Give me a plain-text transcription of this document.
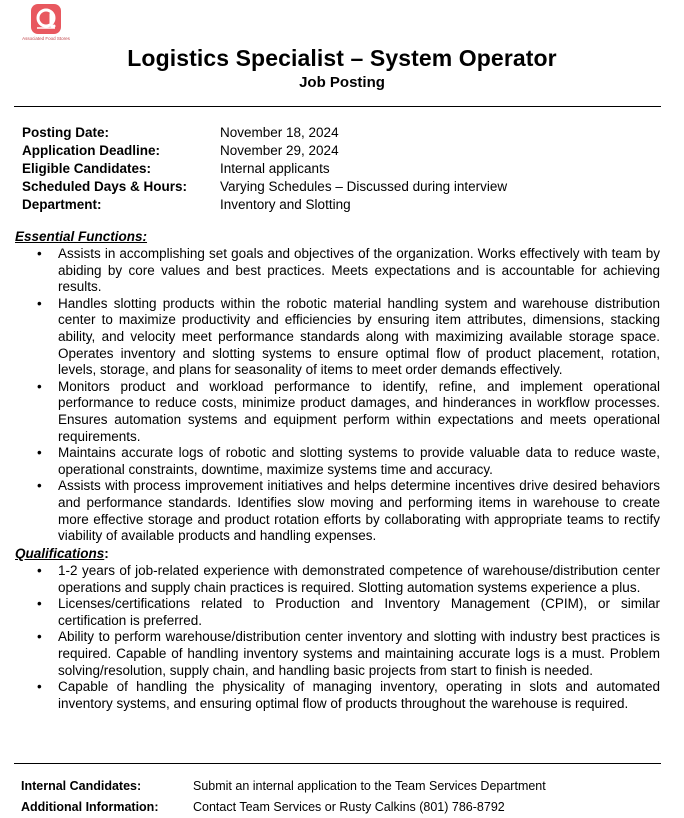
Associated Food Stores
Logistics Specialist – System Operator
Job Posting
Posting Date:	November 18, 2024
Application Deadline:	November 29, 2024
Eligible Candidates:	Internal applicants
Scheduled Days & Hours:	Varying Schedules – Discussed during interview
Department:	Inventory and Slotting
Essential Functions:
• Assists in accomplishing set goals and objectives of the organization. Works effectively with team by abiding by core values and best practices. Meets expectations and is accountable for achieving results.
• Handles slotting products within the robotic material handling system and warehouse distribution center to maximize productivity and efficiencies by ensuring item attributes, dimensions, stacking ability, and velocity meet performance standards along with maximizing available storage space. Operates inventory and slotting systems to ensure optimal flow of product placement, rotation, levels, storage, and plans for seasonality of items to meet order demands effectively.
• Monitors product and workload performance to identify, refine, and implement operational performance to reduce costs, minimize product damages, and hinderances in workflow processes. Ensures automation systems and equipment perform within expectations and meets operational requirements.
• Maintains accurate logs of robotic and slotting systems to provide valuable data to reduce waste, operational constraints, downtime, maximize systems time and accuracy.
• Assists with process improvement initiatives and helps determine incentives drive desired behaviors and performance standards. Identifies slow moving and performing items in warehouse to create more effective storage and product rotation efforts by collaborating with appropriate teams to rectify viability of available products and handling expenses.
Qualifications:
• 1-2 years of job-related experience with demonstrated competence of warehouse/distribution center operations and supply chain practices is required. Slotting automation systems experience a plus.
• Licenses/certifications related to Production and Inventory Management (CPIM), or similar certification is preferred.
• Ability to perform warehouse/distribution center inventory and slotting with industry best practices is required. Capable of handling inventory systems and maintaining accurate logs is a must. Problem solving/resolution, supply chain, and handling basic projects from start to finish is needed.
• Capable of handling the physicality of managing inventory, operating in slots and automated inventory systems, and ensuring optimal flow of products throughout the warehouse is required.
Internal Candidates:	Submit an internal application to the Team Services Department
Additional Information:	Contact Team Services or Rusty Calkins (801) 786-8792
